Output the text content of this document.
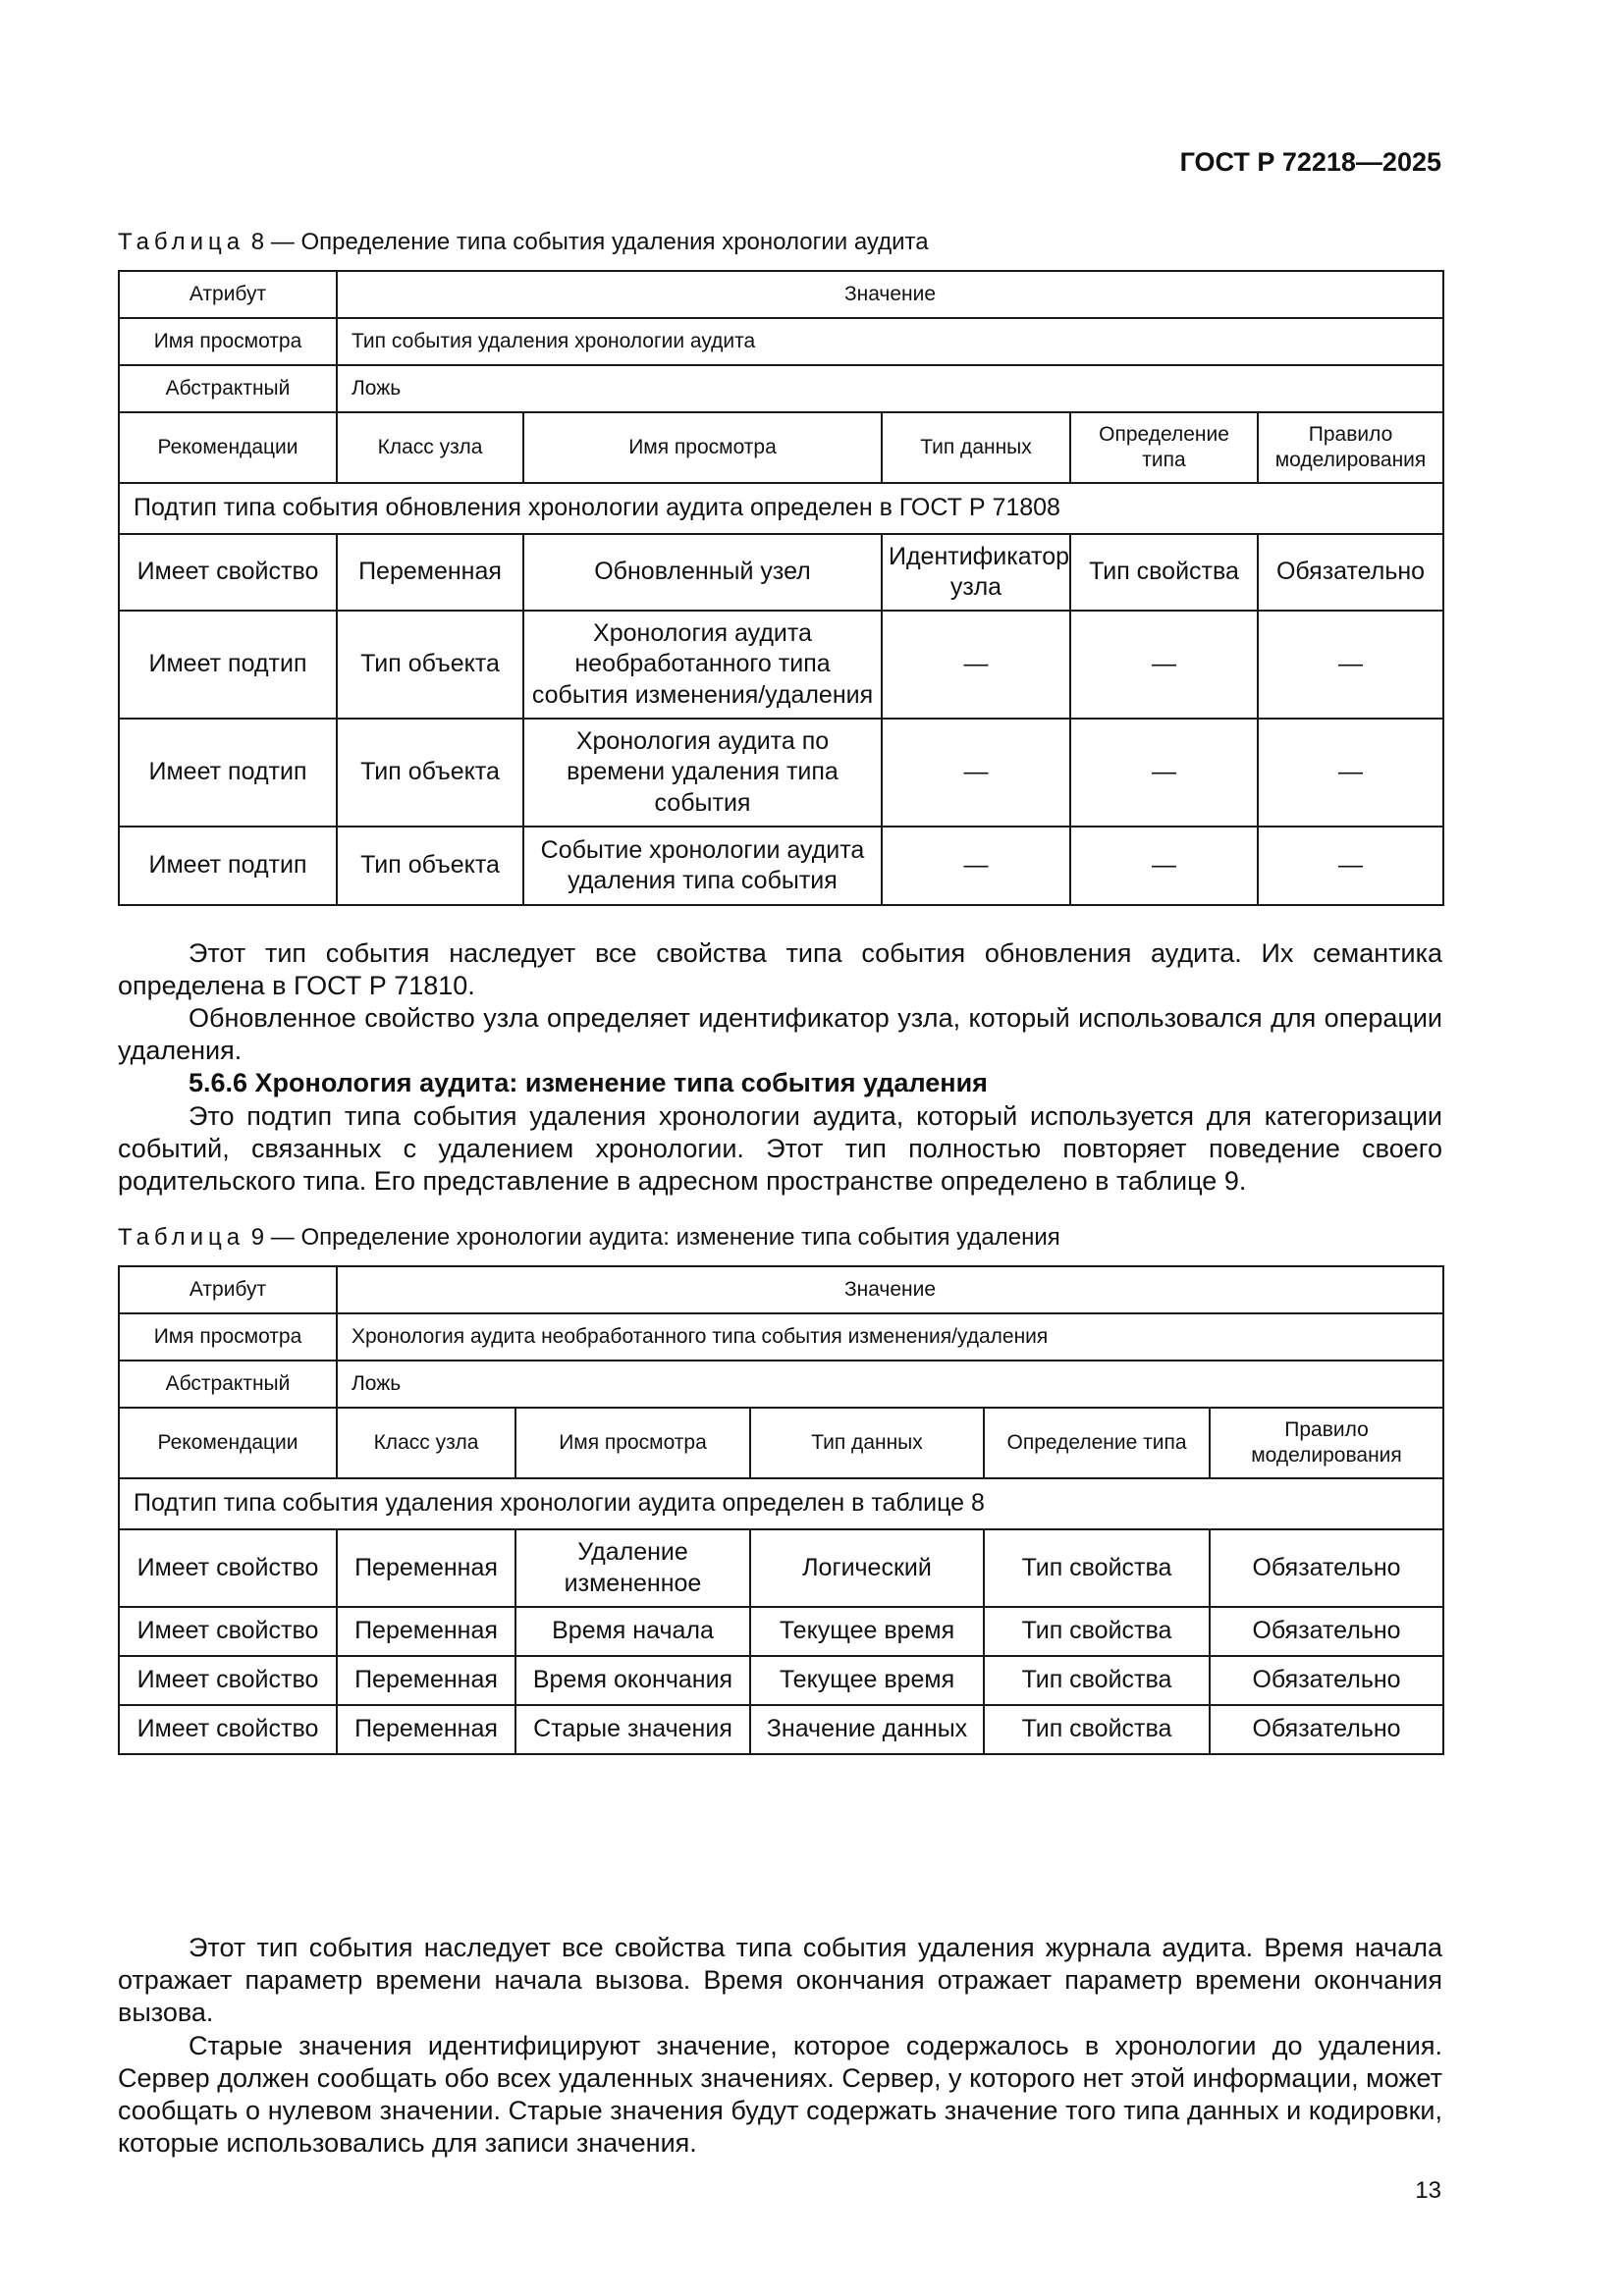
ГОСТ Р 72218—2025
Таблица 8 — Определение типа события удаления хронологии аудита
Атрибут	Значение				
Имя просмотра	Тип события удаления хронологии аудита				
Абстрактный	Ложь				
Рекомендации	Класс узла	Имя просмотра	Тип данных	Определение типа	Правило моделирования
Подтип типа события обновления хронологии аудита определен в ГОСТ Р 71808					
Имеет свойство	Переменная	Обновленный узел	Идентификатор узла	Тип свойства	Обязательно
Имеет подтип	Тип объекта	Хронология аудита необработанного типа события изменения/удаления	—	—	—
Имеет подтип	Тип объекта	Хронология аудита по времени удаления типа события	—	—	—
Имеет подтип	Тип объекта	Событие хронологии аудита удаления типа события	—	—	—
Этот тип события наследует все свойства типа события обновления аудита. Их семантика определена в ГОСТ Р 71810.
Обновленное свойство узла определяет идентификатор узла, который использовался для операции удаления.
5.6.6 Хронология аудита: изменение типа события удаления
Это подтип типа события удаления хронологии аудита, который используется для категоризации событий, связанных с удалением хронологии. Этот тип полностью повторяет поведение своего родительского типа. Его представление в адресном пространстве определено в таблице 9.
Таблица 9 — Определение хронологии аудита: изменение типа события удаления
Атрибут	Значение				
Имя просмотра	Хронология аудита необработанного типа события изменения/удаления				
Абстрактный	Ложь				
Рекомендации	Класс узла	Имя просмотра	Тип данных	Определение типа	Правило моделирования
Подтип типа события удаления хронологии аудита определен в таблице 8					
Имеет свойство	Переменная	Удаление измененное	Логический	Тип свойства	Обязательно
Имеет свойство	Переменная	Время начала	Текущее время	Тип свойства	Обязательно
Имеет свойство	Переменная	Время окончания	Текущее время	Тип свойства	Обязательно
Имеет свойство	Переменная	Старые значения	Значение данных	Тип свойства	Обязательно
Этот тип события наследует все свойства типа события удаления журнала аудита. Время начала отражает параметр времени начала вызова. Время окончания отражает параметр времени окончания вызова.
Старые значения идентифицируют значение, которое содержалось в хронологии до удаления. Сервер должен сообщать обо всех удаленных значениях. Сервер, у которого нет этой информации, может сообщать о нулевом значении. Старые значения будут содержать значение того типа данных и кодировки, которые использовались для записи значения.
13
